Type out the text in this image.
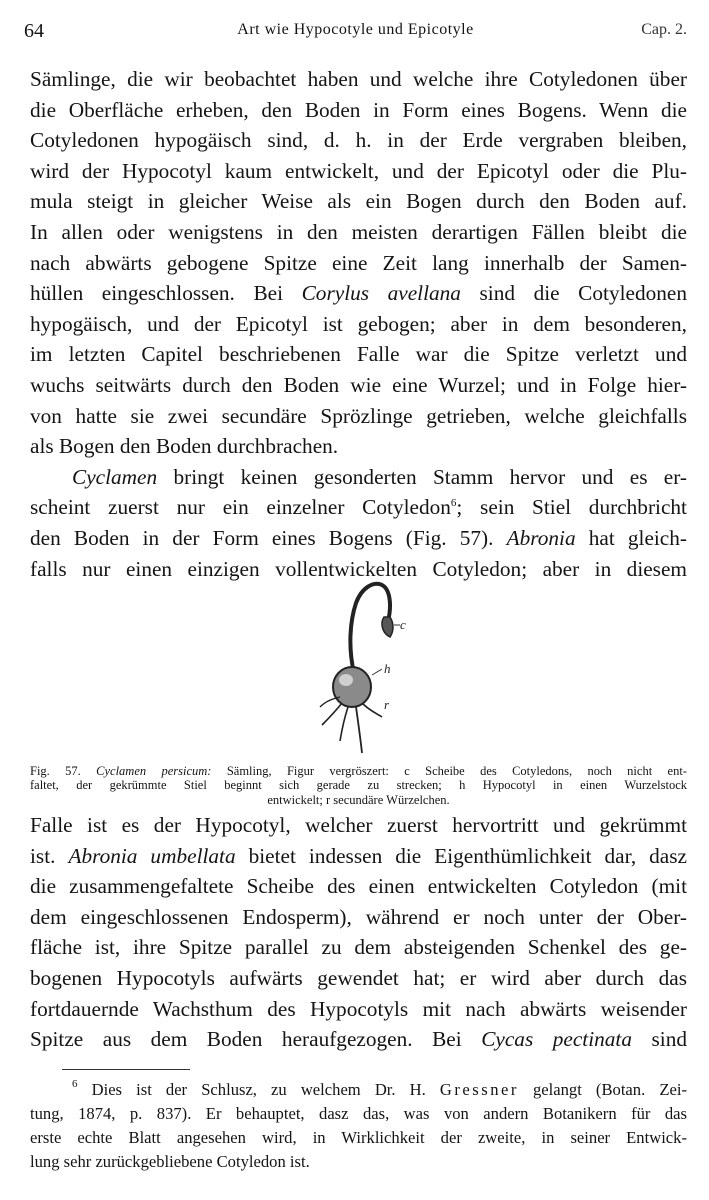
64	Art wie Hypocotyle und Epicotyle	Cap. 2.
Sämlinge, die wir beobachtet haben und welche ihre Cotyledonen über
die Oberfläche erheben, den Boden in Form eines Bogens. Wenn die
Cotyledonen hypogäisch sind, d. h. in der Erde vergraben bleiben,
wird der Hypocotyl kaum entwickelt, und der Epicotyl oder die Plu-
mula steigt in gleicher Weise als ein Bogen durch den Boden auf.
In allen oder wenigstens in den meisten derartigen Fällen bleibt die
nach abwärts gebogene Spitze eine Zeit lang innerhalb der Samen-
hüllen eingeschlossen. Bei Corylus avellana sind die Cotyledonen
hypogäisch, und der Epicotyl ist gebogen; aber in dem besonderen,
im letzten Capitel beschriebenen Falle war die Spitze verletzt und
wuchs seitwärts durch den Boden wie eine Wurzel; und in Folge hier-
von hatte sie zwei secundäre Sprözlinge getrieben, welche gleichfalls
als Bogen den Boden durchbrachen.
Cyclamen bringt keinen gesonderten Stamm hervor und es er-
scheint zuerst nur ein einzelner Cotyledon$^6$; sein Stiel durchbricht
den Boden in der Form eines Bogens (Fig. 57). Abronia hat gleich-
falls nur einen einzigen vollentwickelten Cotyledon; aber in diesem
c
h
r
Fig. 57. Cyclamen persicum: Sämling, Figur vergröszert: c Scheibe des Cotyledons, noch nicht ent-
faltet, der gekrümmte Stiel beginnt sich gerade zu strecken; h Hypocotyl in einen Wurzelstock
entwickelt; r secundäre Würzelchen.
Falle ist es der Hypocotyl, welcher zuerst hervortritt und gekrümmt
ist. Abronia umbellata bietet indessen die Eigenthümlichkeit dar, dasz
die zusammengefaltete Scheibe des einen entwickelten Cotyledon (mit
dem eingeschlossenen Endosperm), während er noch unter der Ober-
fläche ist, ihre Spitze parallel zu dem absteigenden Schenkel des ge-
bogenen Hypocotyls aufwärts gewendet hat; er wird aber durch das
fortdauernde Wachsthum des Hypocotyls mit nach abwärts weisender
Spitze aus dem Boden heraufgezogen. Bei Cycas pectinata sind
$^6$ Dies ist der Schlusz, zu welchem Dr. H. Gressner gelangt (Botan. Zei-
tung, 1874, p. 837). Er behauptet, dasz das, was von andern Botanikern für das
erste echte Blatt angesehen wird, in Wirklichkeit der zweite, in seiner Entwick-
lung sehr zurückgebliebene Cotyledon ist.
